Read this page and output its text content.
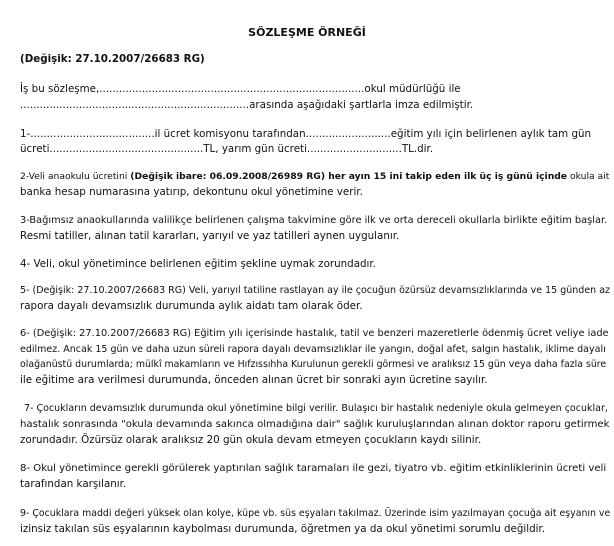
SÖZLEŞME ÖRNEĞİ
(Değişik: 27.10.2007/26683 RG)
İş bu sözleşme,.................................................................................okul müdürlüğü ile
......................................................................arasında aşağıdaki şartlarla imza edilmiştir.
1-......................................il ücret komisyonu tarafından..........................eğitim yılı için belirlenen aylık tam gün
ücreti...............................................TL, yarım gün ücreti.............................TL.dir.
2-Veli anaokulu ücretini (Değişik ibare: 06.09.2008/26989 RG) her ayın 15 ini takip eden ilk üç iş günü içinde okula ait
banka hesap numarasına yatırıp, dekontunu okul yönetimine verir.
3-Bağımsız anaokullarında valilikçe belirlenen çalışma takvimine göre ilk ve orta dereceli okullarla birlikte eğitim başlar.
Resmi tatiller, alınan tatil kararları, yarıyıl ve yaz tatilleri aynen uygulanır.
4- Veli, okul yönetimince belirlenen eğitim şekline uymak zorundadır.
5- (Değişik: 27.10.2007/26683 RG) Veli, yarıyıl tatiline rastlayan ay ile çocuğun özürsüz devamsızlıklarında ve 15 günden az
rapora dayalı devamsızlık durumunda aylık aidatı tam olarak öder.
6- (Değişik: 27.10.2007/26683 RG) Eğitim yılı içerisinde hastalık, tatil ve benzeri mazeretlerle ödenmiş ücret veliye iade
edilmez. Ancak 15 gün ve daha uzun süreli rapora dayalı devamsızlıklar ile yangın, doğal afet, salgın hastalık, iklime dayalı
olağanüstü durumlarda; mülkî makamların ve Hıfzıssıhha Kurulunun gerekli görmesi ve aralıksız 15 gün veya daha fazla süre
ile eğitime ara verilmesi durumunda, önceden alınan ücret bir sonraki ayın ücretine sayılır.
7- Çocukların devamsızlık durumunda okul yönetimine bilgi verilir. Bulaşıcı bir hastalık nedeniyle okula gelmeyen çocuklar,
hastalık sonrasında "okula devamında sakınca olmadığına dair" sağlık kuruluşlarından alınan doktor raporu getirmek
zorundadır. Özürsüz olarak aralıksız 20 gün okula devam etmeyen çocukların kaydı silinir.
8- Okul yönetimince gerekli görülerek yaptırılan sağlık taramaları ile gezi, tiyatro vb. eğitim etkinliklerinin ücreti veli
tarafından karşılanır.
9- Çocuklara maddi değeri yüksek olan kolye, küpe vb. süs eşyaları takılmaz. Üzerinde isim yazılmayan çocuğa ait eşyanın ve
izinsiz takılan süs eşyalarının kaybolması durumunda, öğretmen ya da okul yönetimi sorumlu değildir.
